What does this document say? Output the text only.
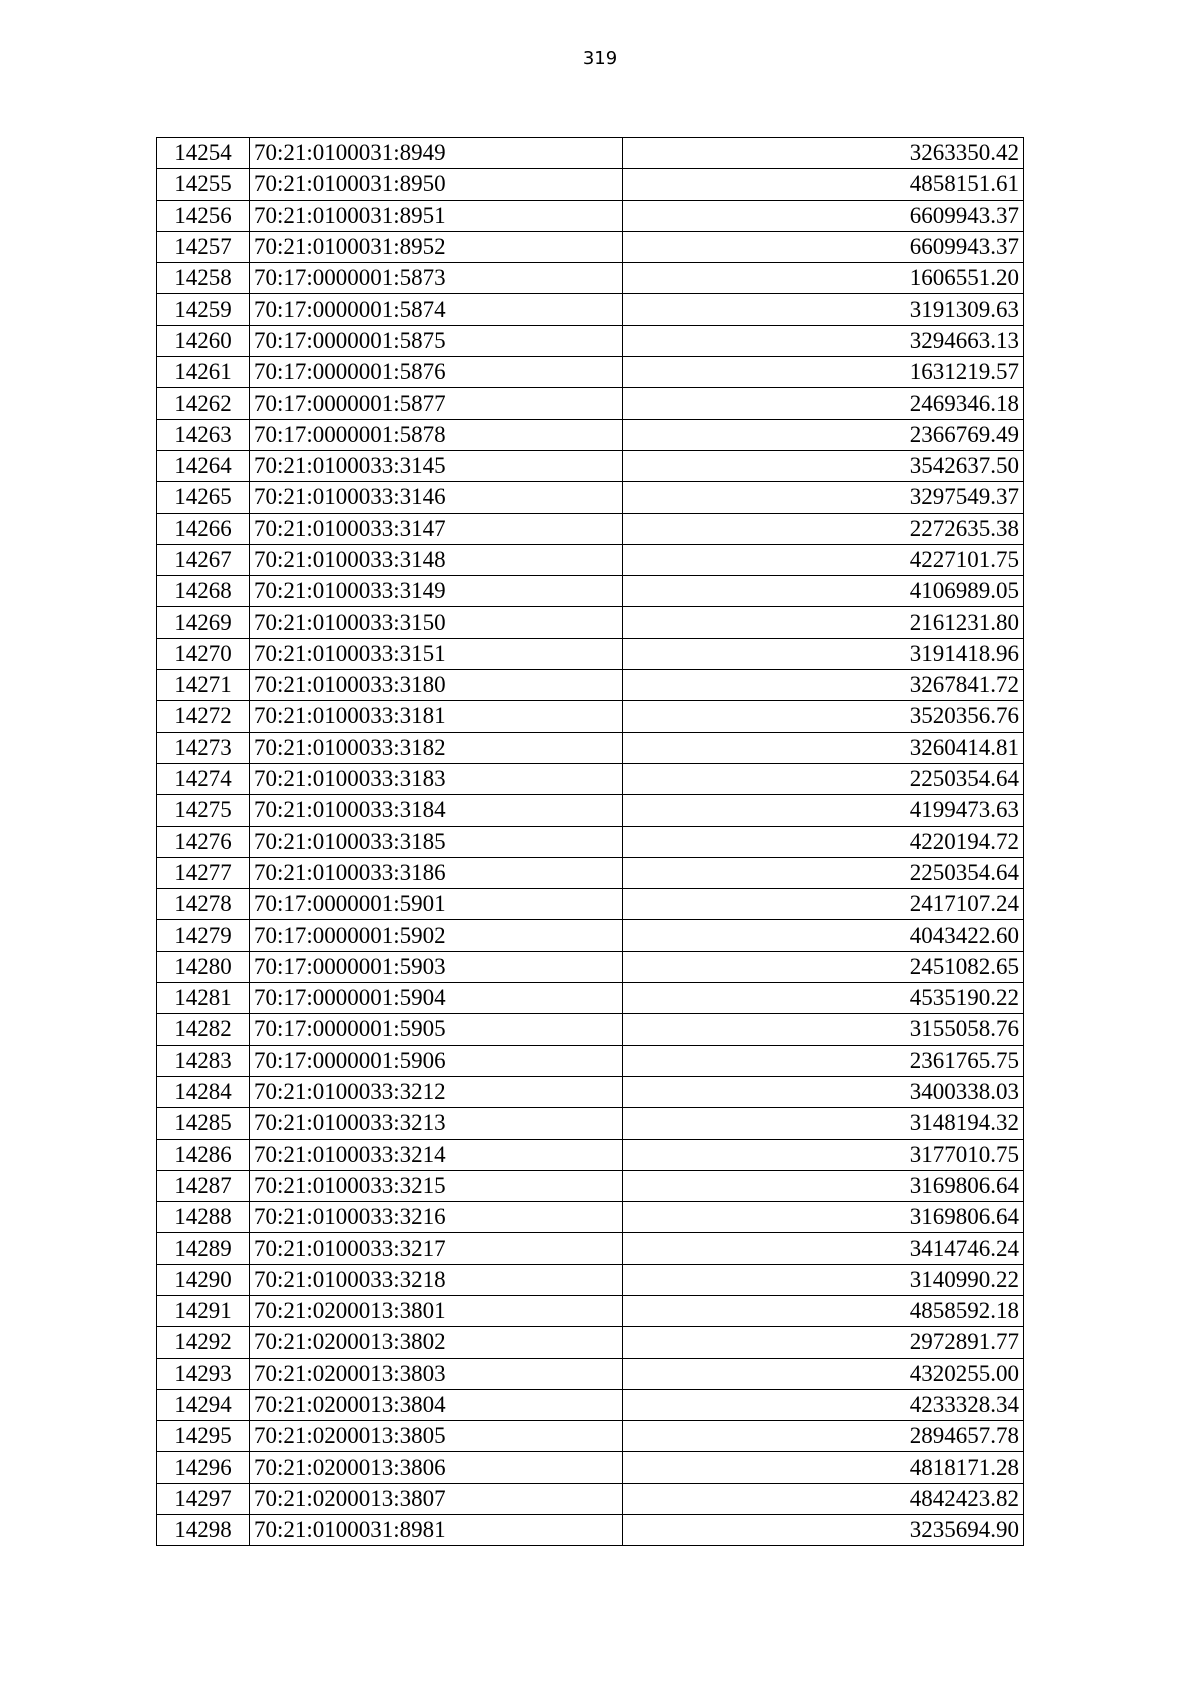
319
14254	70:21:0100031:8949	3263350.42
14255	70:21:0100031:8950	4858151.61
14256	70:21:0100031:8951	6609943.37
14257	70:21:0100031:8952	6609943.37
14258	70:17:0000001:5873	1606551.20
14259	70:17:0000001:5874	3191309.63
14260	70:17:0000001:5875	3294663.13
14261	70:17:0000001:5876	1631219.57
14262	70:17:0000001:5877	2469346.18
14263	70:17:0000001:5878	2366769.49
14264	70:21:0100033:3145	3542637.50
14265	70:21:0100033:3146	3297549.37
14266	70:21:0100033:3147	2272635.38
14267	70:21:0100033:3148	4227101.75
14268	70:21:0100033:3149	4106989.05
14269	70:21:0100033:3150	2161231.80
14270	70:21:0100033:3151	3191418.96
14271	70:21:0100033:3180	3267841.72
14272	70:21:0100033:3181	3520356.76
14273	70:21:0100033:3182	3260414.81
14274	70:21:0100033:3183	2250354.64
14275	70:21:0100033:3184	4199473.63
14276	70:21:0100033:3185	4220194.72
14277	70:21:0100033:3186	2250354.64
14278	70:17:0000001:5901	2417107.24
14279	70:17:0000001:5902	4043422.60
14280	70:17:0000001:5903	2451082.65
14281	70:17:0000001:5904	4535190.22
14282	70:17:0000001:5905	3155058.76
14283	70:17:0000001:5906	2361765.75
14284	70:21:0100033:3212	3400338.03
14285	70:21:0100033:3213	3148194.32
14286	70:21:0100033:3214	3177010.75
14287	70:21:0100033:3215	3169806.64
14288	70:21:0100033:3216	3169806.64
14289	70:21:0100033:3217	3414746.24
14290	70:21:0100033:3218	3140990.22
14291	70:21:0200013:3801	4858592.18
14292	70:21:0200013:3802	2972891.77
14293	70:21:0200013:3803	4320255.00
14294	70:21:0200013:3804	4233328.34
14295	70:21:0200013:3805	2894657.78
14296	70:21:0200013:3806	4818171.28
14297	70:21:0200013:3807	4842423.82
14298	70:21:0100031:8981	3235694.90
